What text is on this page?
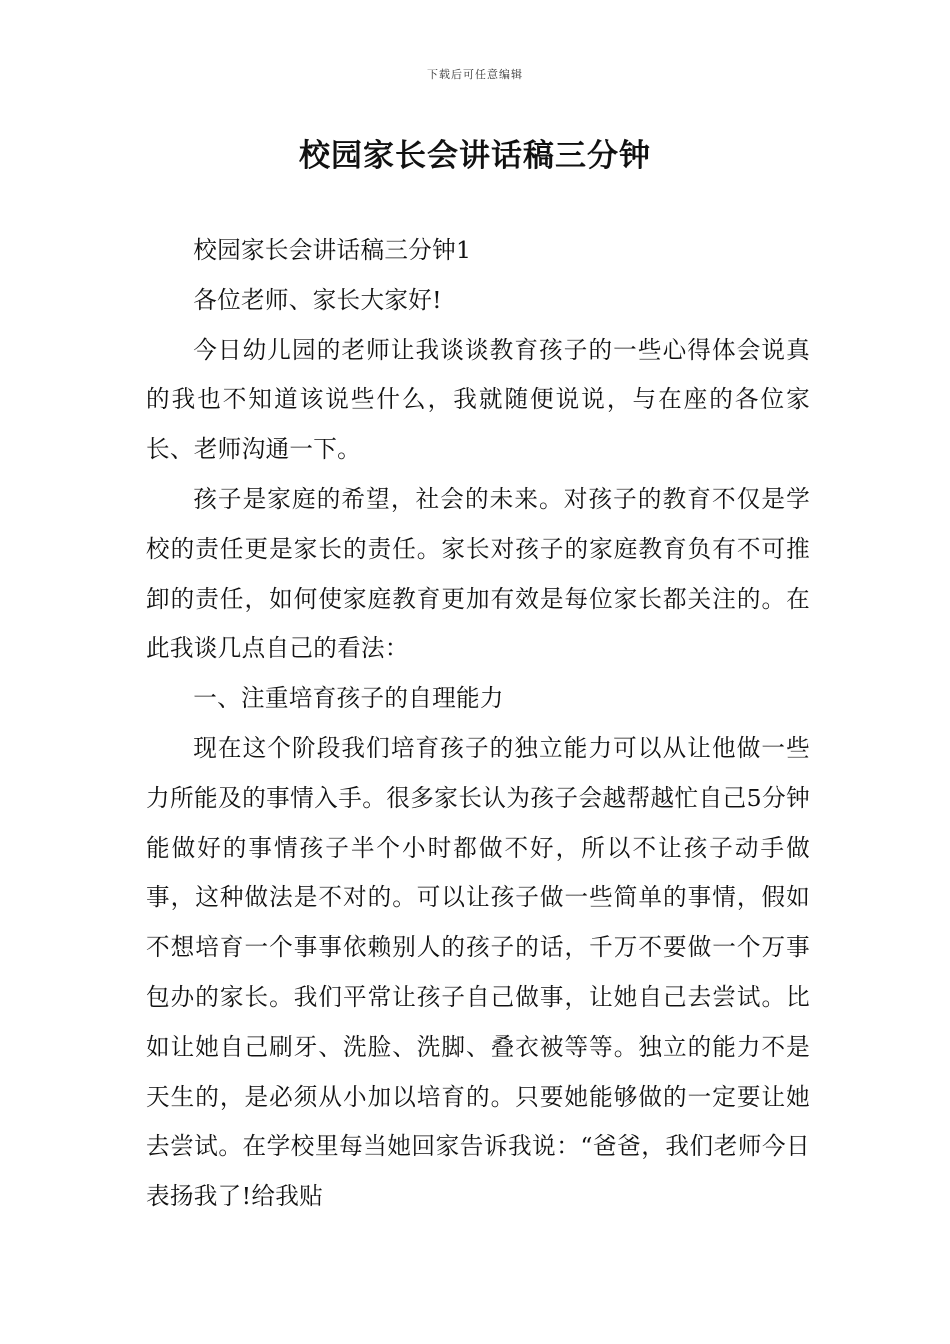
下载后可任意编辑
校园家长会讲话稿三分钟

校园家长会讲话稿三分钟1

各位老师、家长大家好!

今日幼儿园的老师让我谈谈教育孩子的一些心得体会说真的我也不知道该说些什么，我就随便说说，与在座的各位家长、老师沟通一下。

孩子是家庭的希望，社会的未来。对孩子的教育不仅是学校的责任更是家长的责任。家长对孩子的家庭教育负有不可推卸的责任，如何使家庭教育更加有效是每位家长都关注的。在此我谈几点自己的看法：

一、注重培育孩子的自理能力

现在这个阶段我们培育孩子的独立能力可以从让他做一些力所能及的事情入手。很多家长认为孩子会越帮越忙自己5分钟能做好的事情孩子半个小时都做不好，所以不让孩子动手做事，这种做法是不对的。可以让孩子做一些简单的事情，假如不想培育一个事事依赖别人的孩子的话，千万不要做一个万事包办的家长。我们平常让孩子自己做事，让她自己去尝试。比如让她自己刷牙、洗脸、洗脚、叠衣被等等。独立的能力不是天生的，是必须从小加以培育的。只要她能够做的一定要让她去尝试。在学校里每当她回家告诉我说：“爸爸，我们老师今日表扬我了!给我贴
